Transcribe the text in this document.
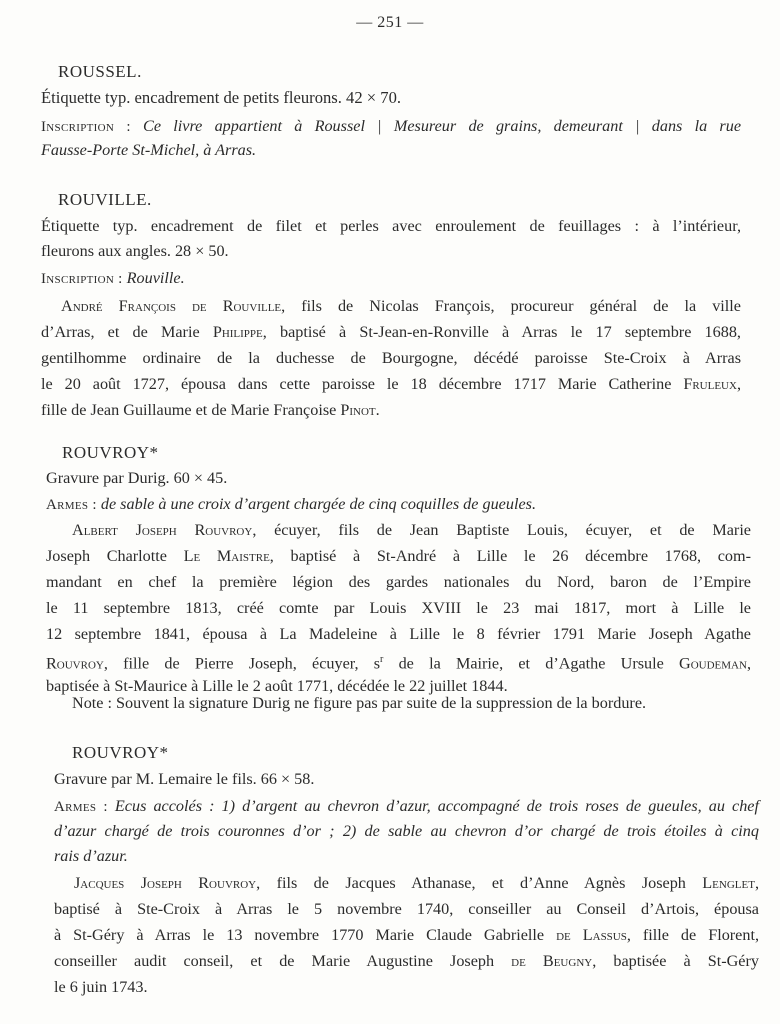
— 251 —
ROUSSEL.
Étiquette typ. encadrement de petits fleurons. 42 × 70.
Inscription : Ce livre appartient à Roussel | Mesureur de grains, demeurant | dans la rue
Fausse-Porte St-Michel, à Arras.
ROUVILLE.
Étiquette typ. encadrement de filet et perles avec enroulement de feuillages : à l’intérieur,
fleurons aux angles. 28 × 50.
Inscription : Rouville.
André François de Rouville, fils de Nicolas François, procureur général de la ville
d’Arras, et de Marie Philippe, baptisé à St-Jean-en-Ronville à Arras le 17 septembre 1688,
gentilhomme ordinaire de la duchesse de Bourgogne, décédé paroisse Ste-Croix à Arras
le 20 août 1727, épousa dans cette paroisse le 18 décembre 1717 Marie Catherine Fruleux,
fille de Jean Guillaume et de Marie Françoise Pinot.
ROUVROY*
Gravure par Durig. 60 × 45.
Armes : de sable à une croix d’argent chargée de cinq coquilles de gueules.
Albert Joseph Rouvroy, écuyer, fils de Jean Baptiste Louis, écuyer, et de Marie
Joseph Charlotte Le Maistre, baptisé à St-André à Lille le 26 décembre 1768, com-
mandant en chef la première légion des gardes nationales du Nord, baron de l’Empire
le 11 septembre 1813, créé comte par Louis XVIII le 23 mai 1817, mort à Lille le
12 septembre 1841, épousa à La Madeleine à Lille le 8 février 1791 Marie Joseph Agathe
Rouvroy, fille de Pierre Joseph, écuyer, $s^r$ de la Mairie, et d’Agathe Ursule Goudeman,
baptisée à St-Maurice à Lille le 2 août 1771, décédée le 22 juillet 1844.
Note : Souvent la signature Durig ne figure pas par suite de la suppression de la bordure.
ROUVROY*
Gravure par M. Lemaire le fils. 66 × 58.
Armes : Ecus accolés : 1) d’argent au chevron d’azur, accompagné de trois roses de gueules, au chef
d’azur chargé de trois couronnes d’or ; 2) de sable au chevron d’or chargé de trois étoiles à cinq
rais d’azur.
Jacques Joseph Rouvroy, fils de Jacques Athanase, et d’Anne Agnès Joseph Lenglet,
baptisé à Ste-Croix à Arras le 5 novembre 1740, conseiller au Conseil d’Artois, épousa
à St-Géry à Arras le 13 novembre 1770 Marie Claude Gabrielle de Lassus, fille de Florent,
conseiller audit conseil, et de Marie Augustine Joseph de Beugny, baptisée à St-Géry
le 6 juin 1743.
